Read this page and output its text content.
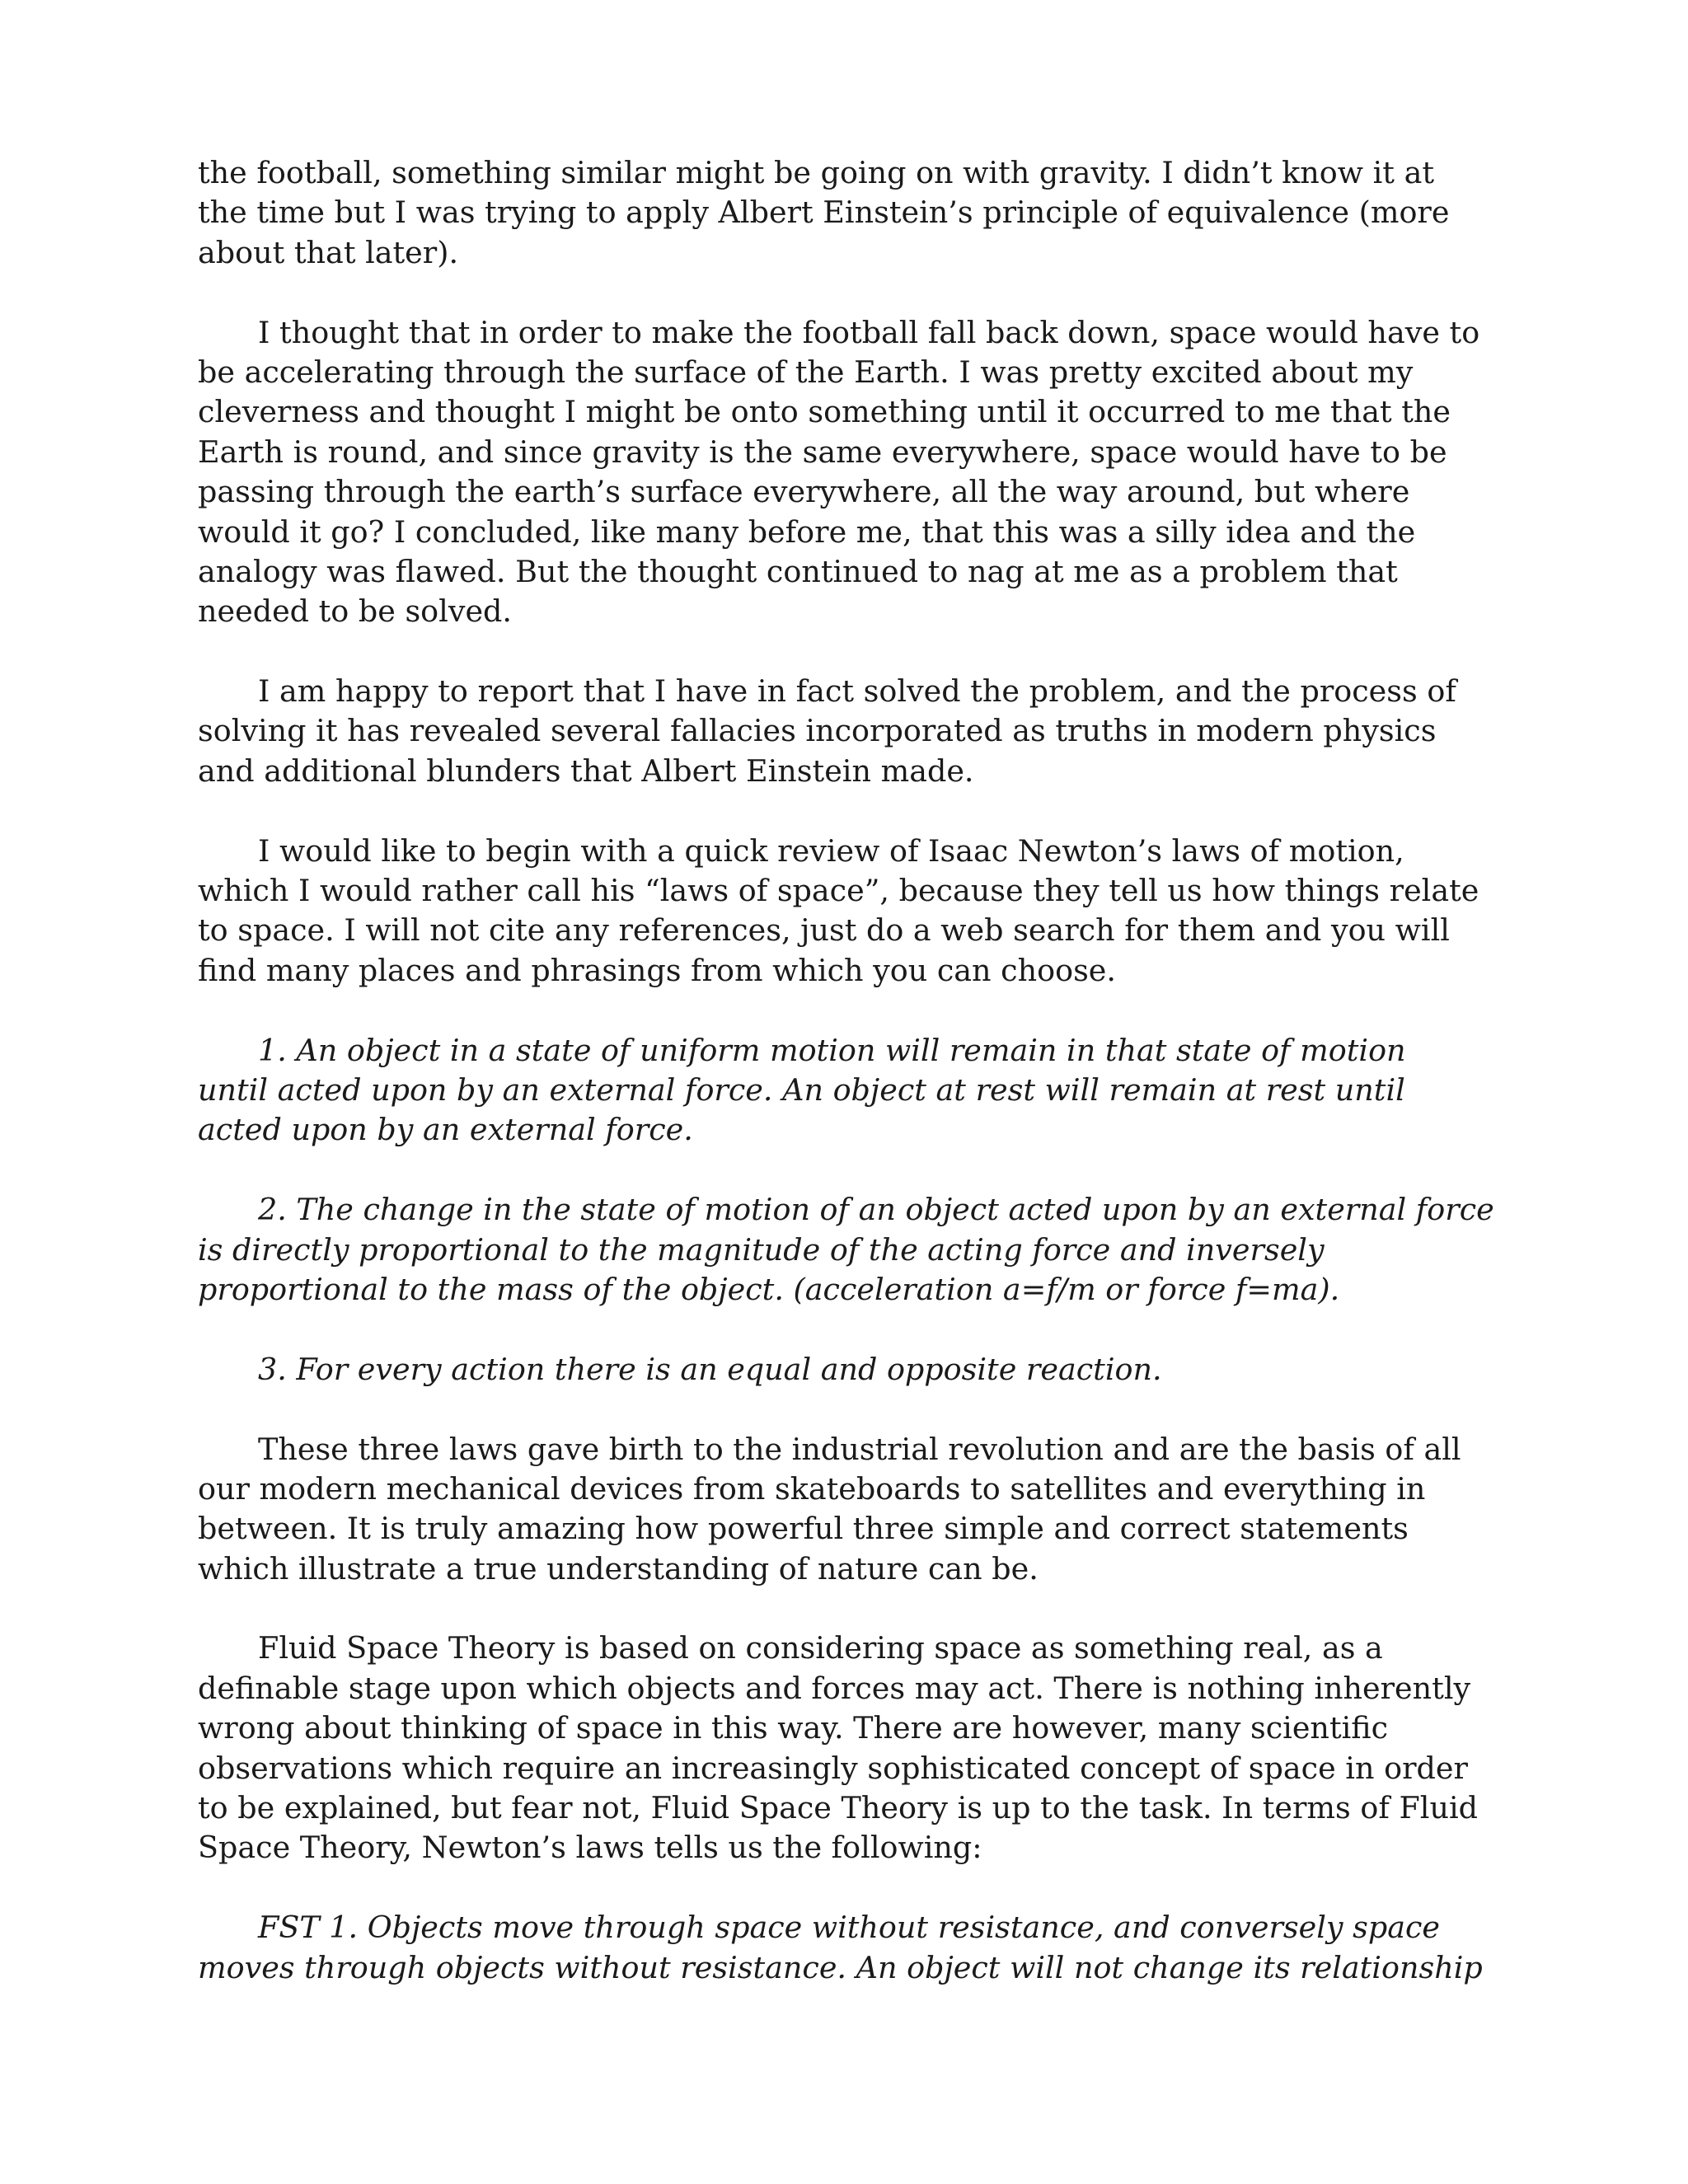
the football, something similar might be going on with gravity. I didn’t know it at
the time but I was trying to apply Albert Einstein’s principle of equivalence (more
about that later).
I thought that in order to make the football fall back down, space would have to
be accelerating through the surface of the Earth. I was pretty excited about my
cleverness and thought I might be onto something until it occurred to me that the
Earth is round, and since gravity is the same everywhere, space would have to be
passing through the earth’s surface everywhere, all the way around, but where
would it go? I concluded, like many before me, that this was a silly idea and the
analogy was flawed. But the thought continued to nag at me as a problem that
needed to be solved.
I am happy to report that I have in fact solved the problem, and the process of
solving it has revealed several fallacies incorporated as truths in modern physics
and additional blunders that Albert Einstein made.
I would like to begin with a quick review of Isaac Newton’s laws of motion,
which I would rather call his “laws of space”, because they tell us how things relate
to space. I will not cite any references, just do a web search for them and you will
find many places and phrasings from which you can choose.
1. An object in a state of uniform motion will remain in that state of motion
until acted upon by an external force. An object at rest will remain at rest until
acted upon by an external force.
2. The change in the state of motion of an object acted upon by an external force
is directly proportional to the magnitude of the acting force and inversely
proportional to the mass of the object. (acceleration a=f/m or force f=ma).
3. For every action there is an equal and opposite reaction.
These three laws gave birth to the industrial revolution and are the basis of all
our modern mechanical devices from skateboards to satellites and everything in
between. It is truly amazing how powerful three simple and correct statements
which illustrate a true understanding of nature can be.
Fluid Space Theory is based on considering space as something real, as a
definable stage upon which objects and forces may act. There is nothing inherently
wrong about thinking of space in this way. There are however, many scientific
observations which require an increasingly sophisticated concept of space in order
to be explained, but fear not, Fluid Space Theory is up to the task. In terms of Fluid
Space Theory, Newton’s laws tells us the following:
FST 1. Objects move through space without resistance, and conversely space
moves through objects without resistance. An object will not change its relationship
